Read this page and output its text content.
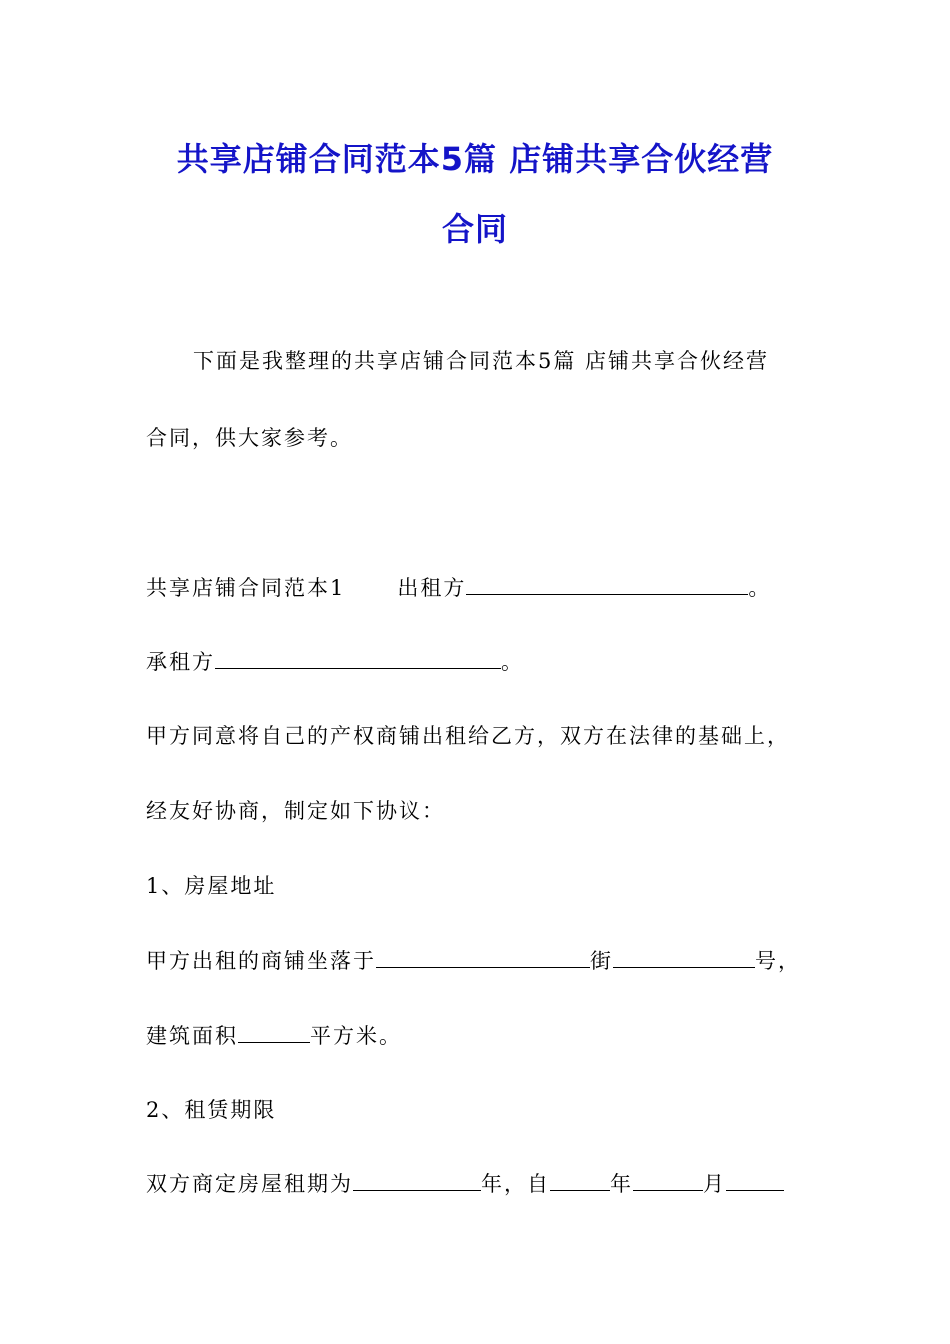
共享店铺合同范本5篇 店铺共享合伙经营
合同
下面是我整理的共享店铺合同范本5篇 店铺共享合伙经营
合同，供大家参考。
共享店铺合同范本1 出租方	。
承租方	。
甲方同意将自己的产权商铺出租给乙方，双方在法律的基础上，
经友好协商，制定如下协议：
1、房屋地址
甲方出租的商铺坐落于	街	号，
建筑面积	平方米。
2、租赁期限
双方商定房屋租期为	年，自	年	月
